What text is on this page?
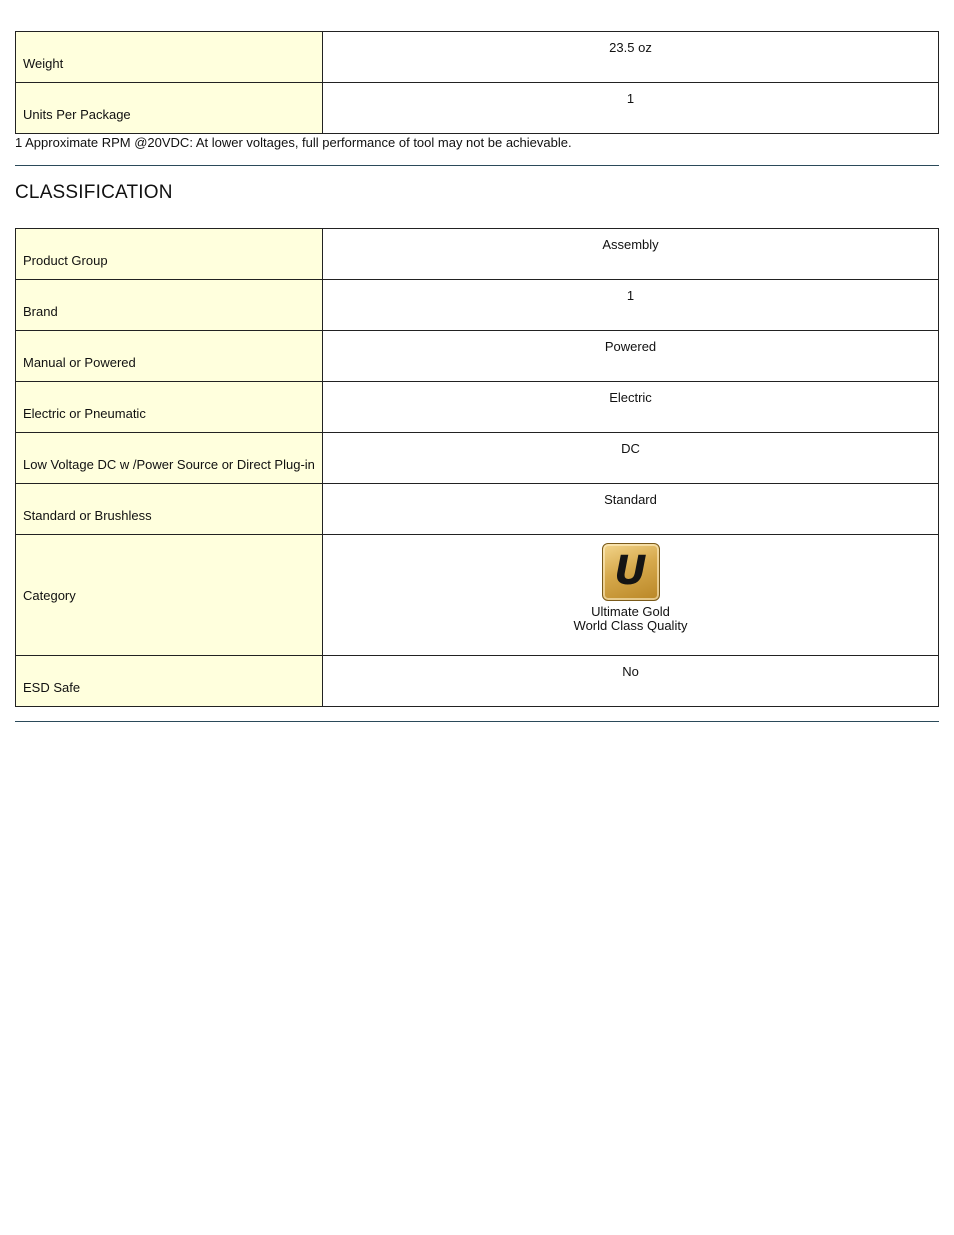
Weight	23.5 oz
Units Per Package	1
1 Approximate RPM @20VDC: At lower voltages, full performance of tool may not be achievable.
CLASSIFICATION
Product Group	Assembly
Brand	1
Manual or Powered	Powered
Electric or Pneumatic	Electric
Low Voltage DC w /Power Source or Direct Plug-in	DC
Standard or Brushless	Standard
Category	U
Ultimate Gold
World Class Quality

ESD Safe	No
